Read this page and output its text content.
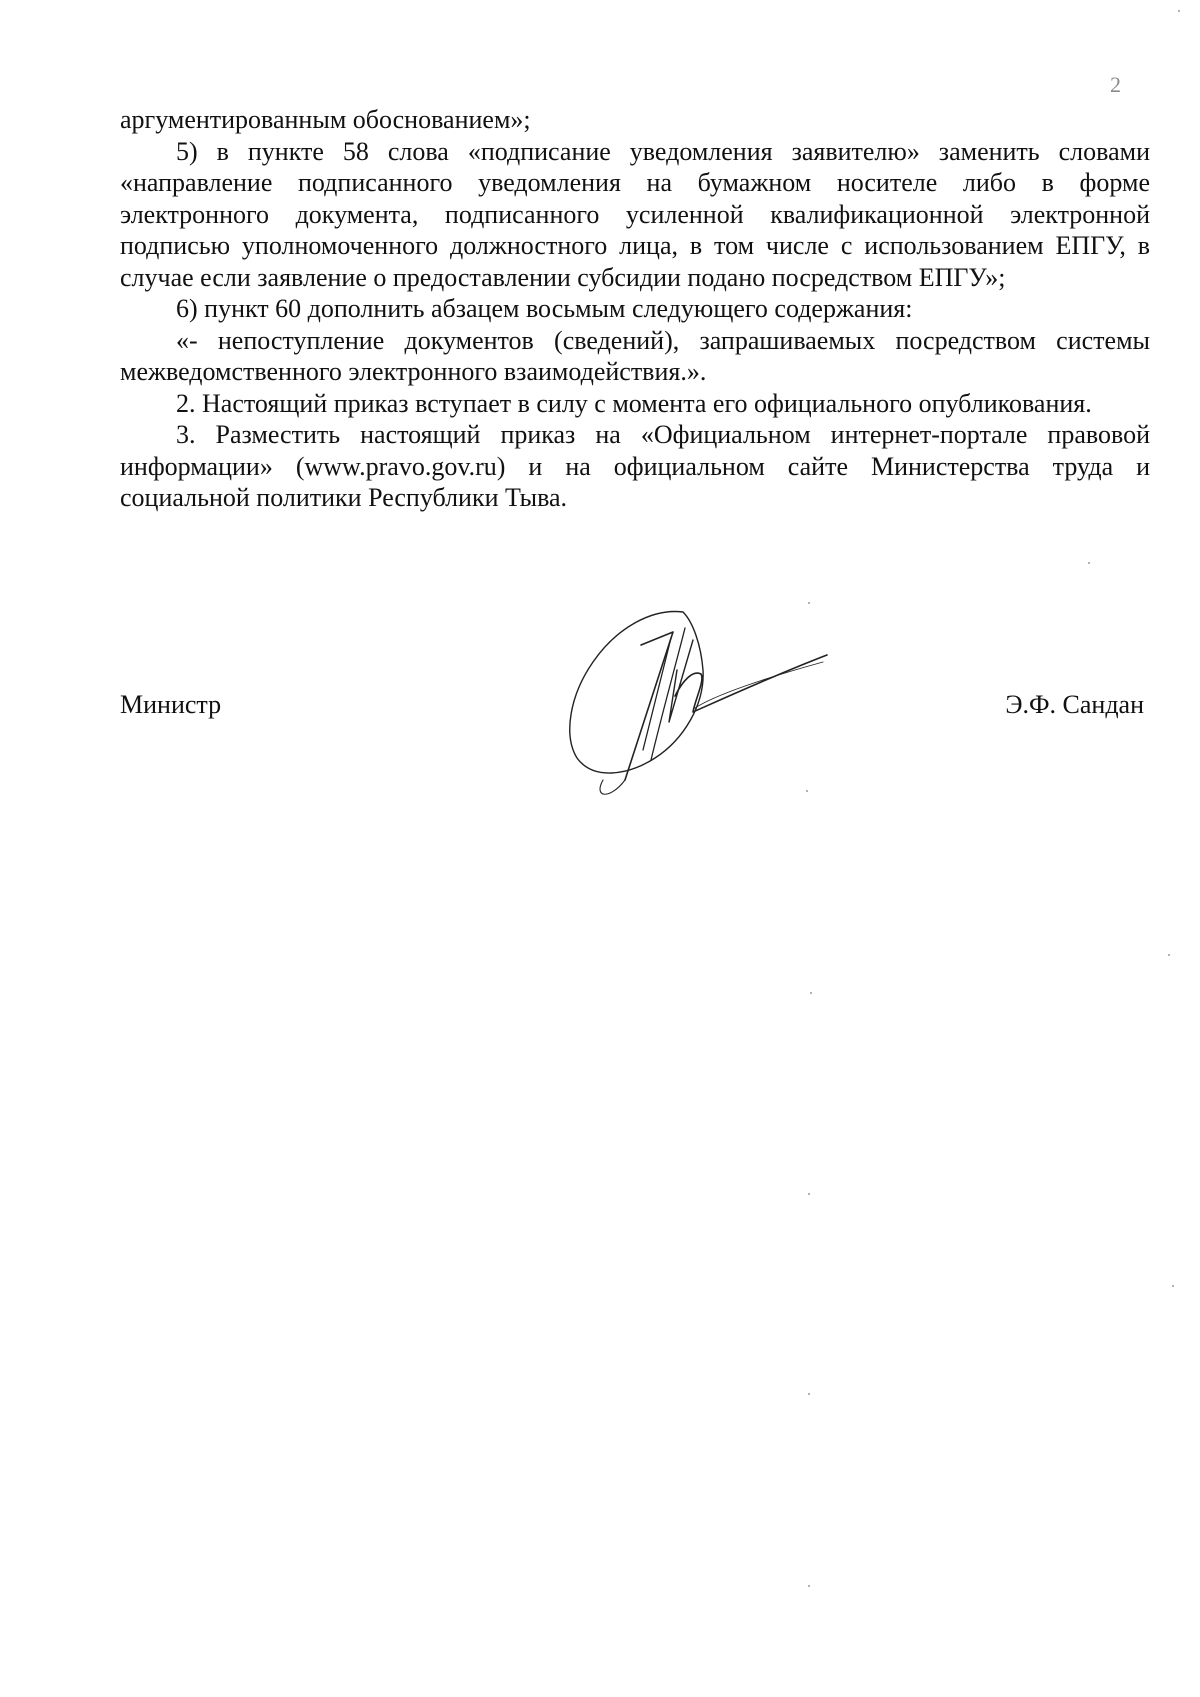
2

аргументированным обоснованием»;

5) в пункте 58 слова «подписание уведомления заявителю» заменить словами «направление подписанного уведомления на бумажном носителе либо в форме электронного документа, подписанного усиленной квалификационной электронной подписью уполномоченного должностного лица, в том числе с использованием ЕПГУ, в случае если заявление о предоставлении субсидии подано посредством ЕПГУ»;

6) пункт 60 дополнить абзацем восьмым следующего содержания:

«- непоступление документов (сведений), запрашиваемых посредством системы межведомственного электронного взаимодействия.».

2. Настоящий приказ вступает в силу с момента его официального опубликования.

3. Разместить настоящий приказ на «Официальном интернет-портале правовой информации» (www.pravo.gov.ru) и на официальном сайте Министерства труда и социальной политики Республики Тыва.

Министр	Э.Ф. Сандан
